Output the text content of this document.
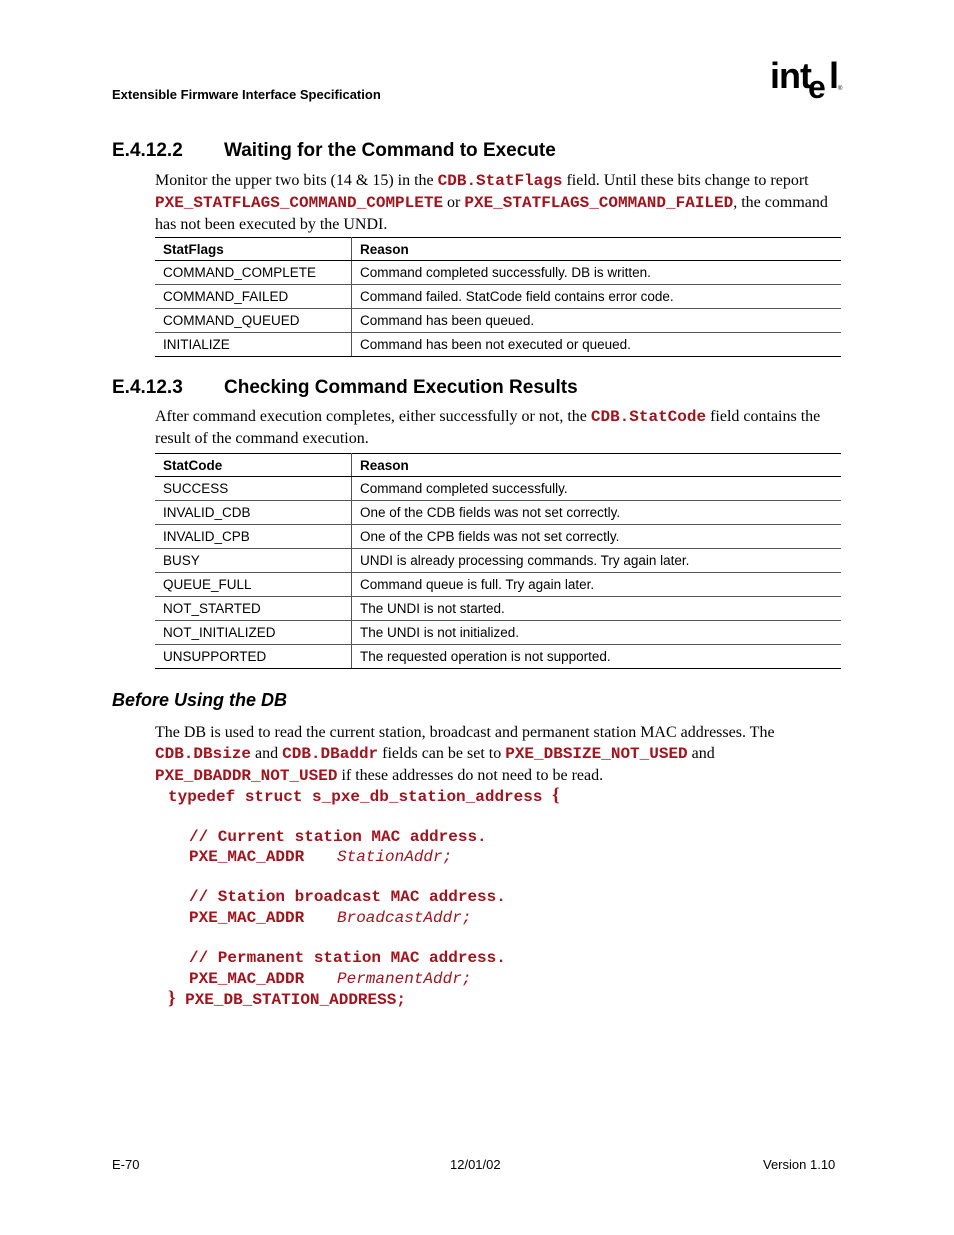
Extensible Firmware Interface Specification	int
e l
®
E.4.12.2 Waiting for the Command to Execute
Monitor the upper two bits (14 & 15) in the CDB.StatFlags field. Until these bits change to report PXE_STATFLAGS_COMMAND_COMPLETE or PXE_STATFLAGS_COMMAND_FAILED, the command has not been executed by the UNDI.
StatFlags	Reason
COMMAND_COMPLETE	Command completed successfully. DB is written.
COMMAND_FAILED	Command failed. StatCode field contains error code.
COMMAND_QUEUED	Command has been queued.
INITIALIZE	Command has been not executed or queued.
E.4.12.3 Checking Command Execution Results
After command execution completes, either successfully or not, the CDB.StatCode field contains the result of the command execution.
StatCode	Reason
SUCCESS	Command completed successfully.
INVALID_CDB	One of the CDB fields was not set correctly.
INVALID_CPB	One of the CPB fields was not set correctly.
BUSY	UNDI is already processing commands. Try again later.
QUEUE_FULL	Command queue is full. Try again later.
NOT_STARTED	The UNDI is not started.
NOT_INITIALIZED	The UNDI is not initialized.
UNSUPPORTED	The requested operation is not supported.
Before Using the DB
The DB is used to read the current station, broadcast and permanent station MAC addresses. The CDB.DBsize and CDB.DBaddr fields can be set to PXE_DBSIZE_NOT_USED and PXE_DBADDR_NOT_USED if these addresses do not need to be read.
typedef struct s_pxe_db_station_address {
// Current station MAC address.
PXE_MAC_ADDR StationAddr;
// Station broadcast MAC address.
PXE_MAC_ADDR BroadcastAddr;
// Permanent station MAC address.
PXE_MAC_ADDR PermanentAddr;
} PXE_DB_STATION_ADDRESS;
E-70	12/01/02	Version 1.10
